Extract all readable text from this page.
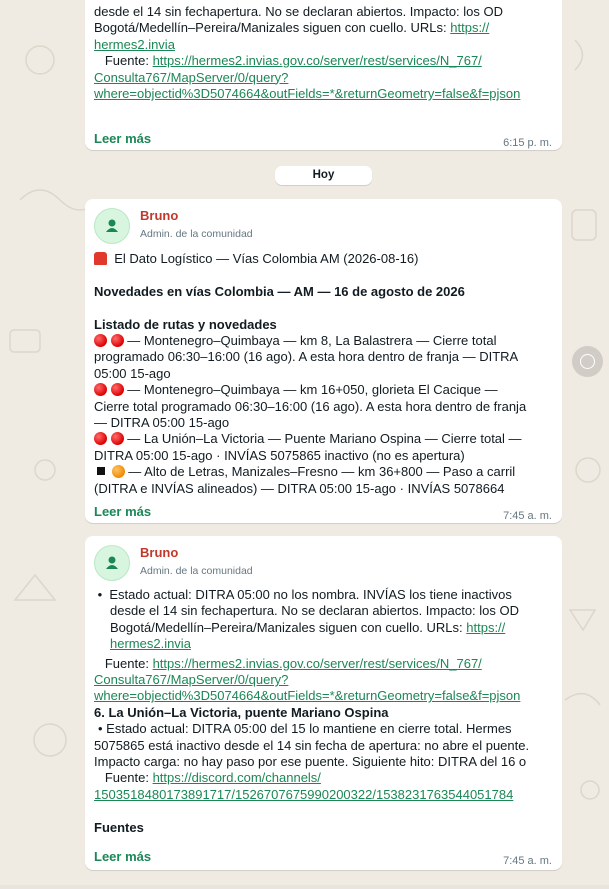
desde el 14 sin fechapertura. No se declaran abiertos. Impacto: los OD
Bogotá/Medellín–Pereira/Manizales siguen con cuello. URLs: https://
hermes2.invia
Fuente: https://hermes2.invias.gov.co/server/rest/services/N_767/
Consulta767/MapServer/0/query?
where=objectid%3D5074664&outFields=*&returnGeometry=false&f=pjson
Leer más	6:15 p. m.
Hoy
Bruno
Admin. de la comunidad
El Dato Logístico — Vías Colombia AM (2026-08-16)

Novedades en vías Colombia — AM — 16 de agosto de 2026

Listado de rutas y novedades
— Montenegro–Quimbaya — km 8, La Balastrera — Cierre total
programado 06:30–16:00 (16 ago). A esta hora dentro de franja — DITRA
05:00 15-ago
— Montenegro–Quimbaya — km 16+050, glorieta El Cacique —
Cierre total programado 06:30–16:00 (16 ago). A esta hora dentro de franja
— DITRA 05:00 15-ago
— La Unión–La Victoria — Puente Mariano Ospina — Cierre total —
DITRA 05:00 15-ago · INVÍAS 5075865 inactivo (no es apertura)
— Alto de Letras, Manizales–Fresno — km 36+800 — Paso a carril
(DITRA e INVÍAS alineados) — DITRA 05:00 15-ago · INVÍAS 5078664
Leer más	7:45 a. m.
Bruno
Admin. de la comunidad
•  Estado actual: DITRA 05:00 no los nombra. INVÍAS los tiene inactivos
desde el 14 sin fechapertura. No se declaran abiertos. Impacto: los OD
Bogotá/Medellín–Pereira/Manizales siguen con cuello. URLs: https://
hermes2.invia
Fuente: https://hermes2.invias.gov.co/server/rest/services/N_767/
Consulta767/MapServer/0/query?
where=objectid%3D5074664&outFields=*&returnGeometry=false&f=pjson
6. La Unión–La Victoria, puente Mariano Ospina
• Estado actual: DITRA 05:00 del 15 lo mantiene en cierre total. Hermes
5075865 está inactivo desde el 14 sin fecha de apertura: no abre el puente.
Impacto carga: no hay paso por ese puente. Siguiente hito: DITRA del 16 o
Fuente: https://discord.com/channels/
1503518480173891717/1526707675990200322/1538231763544051784

Fuentes
Leer más	7:45 a. m.
